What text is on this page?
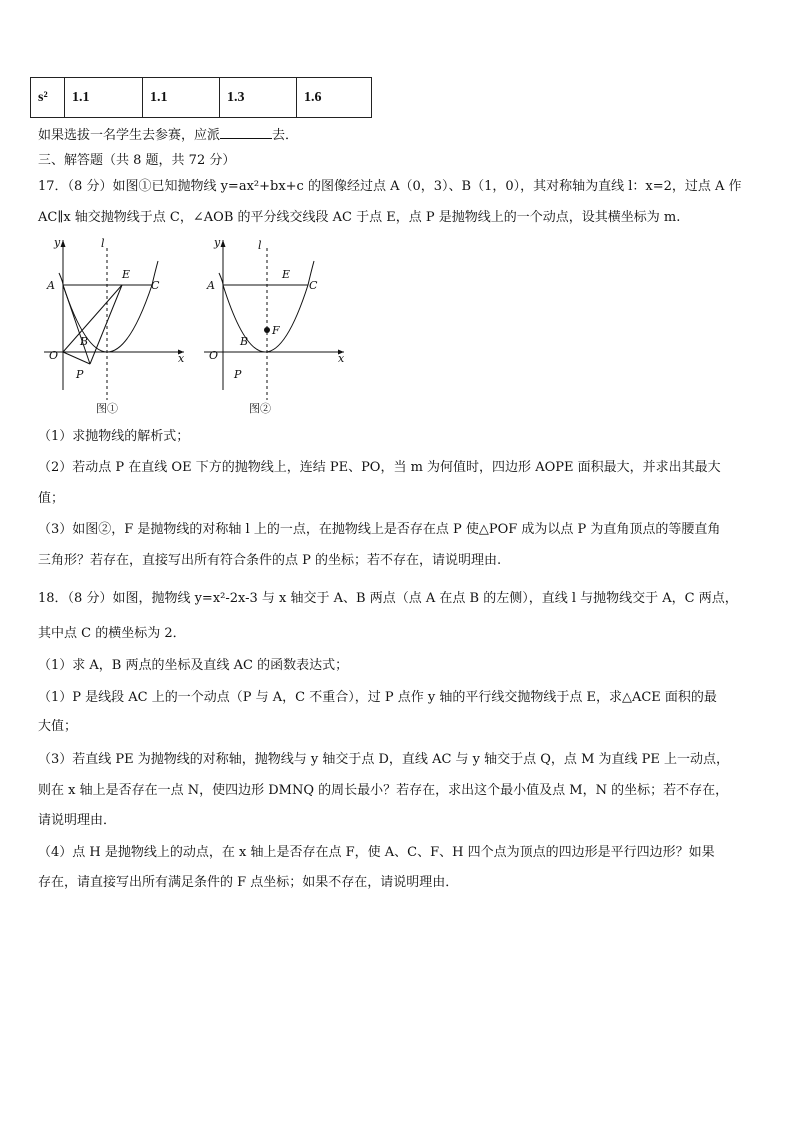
s²	1.1	1.1	1.3	1.6
如果选拔一名学生去参赛，应派	去．
三、解答题（共 8 题，共 72 分）
17．（8 分）如图①已知抛物线 y=ax²+bx+c 的图像经过点 A（0，3）、B（1，0），其对称轴为直线 l：x=2，过点 A 作
AC∥x 轴交抛物线于点 C，∠AOB 的平分线交线段 AC 于点 E，点 P 是抛物线上的一个动点，设其横坐标为 m.
y	l
A
E
C
B
O
P
x
图①
y	l
A
E
C
F
B
O
P
x
图②
（1）求抛物线的解析式；
（2）若动点 P 在直线 OE 下方的抛物线上，连结 PE、PO，当 m 为何值时，四边形 AOPE 面积最大，并求出其最大
值；
（3）如图②，F 是抛物线的对称轴 l 上的一点，在抛物线上是否存在点 P 使△POF 成为以点 P 为直角顶点的等腰直角
三角形？若存在，直接写出所有符合条件的点 P 的坐标；若不存在，请说明理由.
18．（8 分）如图，抛物线 y=x²-2x-3 与 x 轴交于 A、B 两点（点 A 在点 B 的左侧），直线 l 与抛物线交于 A，C 两点，
其中点 C 的横坐标为 2．
（1）求 A，B 两点的坐标及直线 AC 的函数表达式；
（1）P 是线段 AC 上的一个动点（P 与 A，C 不重合），过 P 点作 y 轴的平行线交抛物线于点 E，求△ACE 面积的最
大值；
（3）若直线 PE 为抛物线的对称轴，抛物线与 y 轴交于点 D，直线 AC 与 y 轴交于点 Q，点 M 为直线 PE 上一动点，
则在 x 轴上是否存在一点 N，使四边形 DMNQ 的周长最小？若存在，求出这个最小值及点 M，N 的坐标；若不存在，
请说明理由．
（4）点 H 是抛物线上的动点，在 x 轴上是否存在点 F，使 A、C、F、H 四个点为顶点的四边形是平行四边形？如果
存在，请直接写出所有满足条件的 F 点坐标；如果不存在，请说明理由．
